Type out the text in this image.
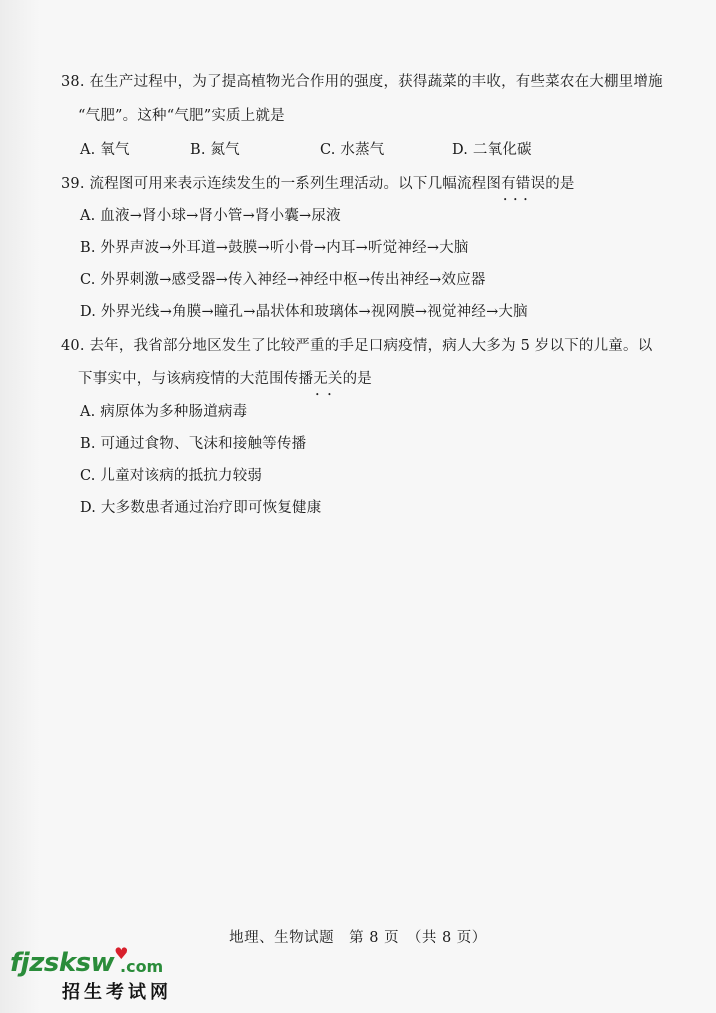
38. 在生产过程中，为了提高植物光合作用的强度，获得蔬菜的丰收，有些菜农在大棚里增施
“气肥”。这种“气肥”实质上就是
A. 氧气	B. 氮气	C. 水蒸气	D. 二氧化碳
39. 流程图可用来表示连续发生的一系列生理活动。以下几幅流程图有错误 •••的是
A. 血液→肾小球→肾小管→肾小囊→尿液
B. 外界声波→外耳道→鼓膜→听小骨→内耳→听觉神经→大脑
C. 外界刺激→感受器→传入神经→神经中枢→传出神经→效应器
D. 外界光线→角膜→瞳孔→晶状体和玻璃体→视网膜→视觉神经→大脑
40. 去年，我省部分地区发生了比较严重的手足口病疫情，病人大多为 5 岁以下的儿童。以
下事实中，与该病疫情的大范围传播无关 ••的是
A. 病原体为多种肠道病毒
B. 可通过食物、飞沫和接触等传播
C. 儿童对该病的抵抗力较弱
D. 大多数患者通过治疗即可恢复健康
地理、生物试题　第 8 页　（共 8 页）
fjzsksw♥
.com
招生考试网
